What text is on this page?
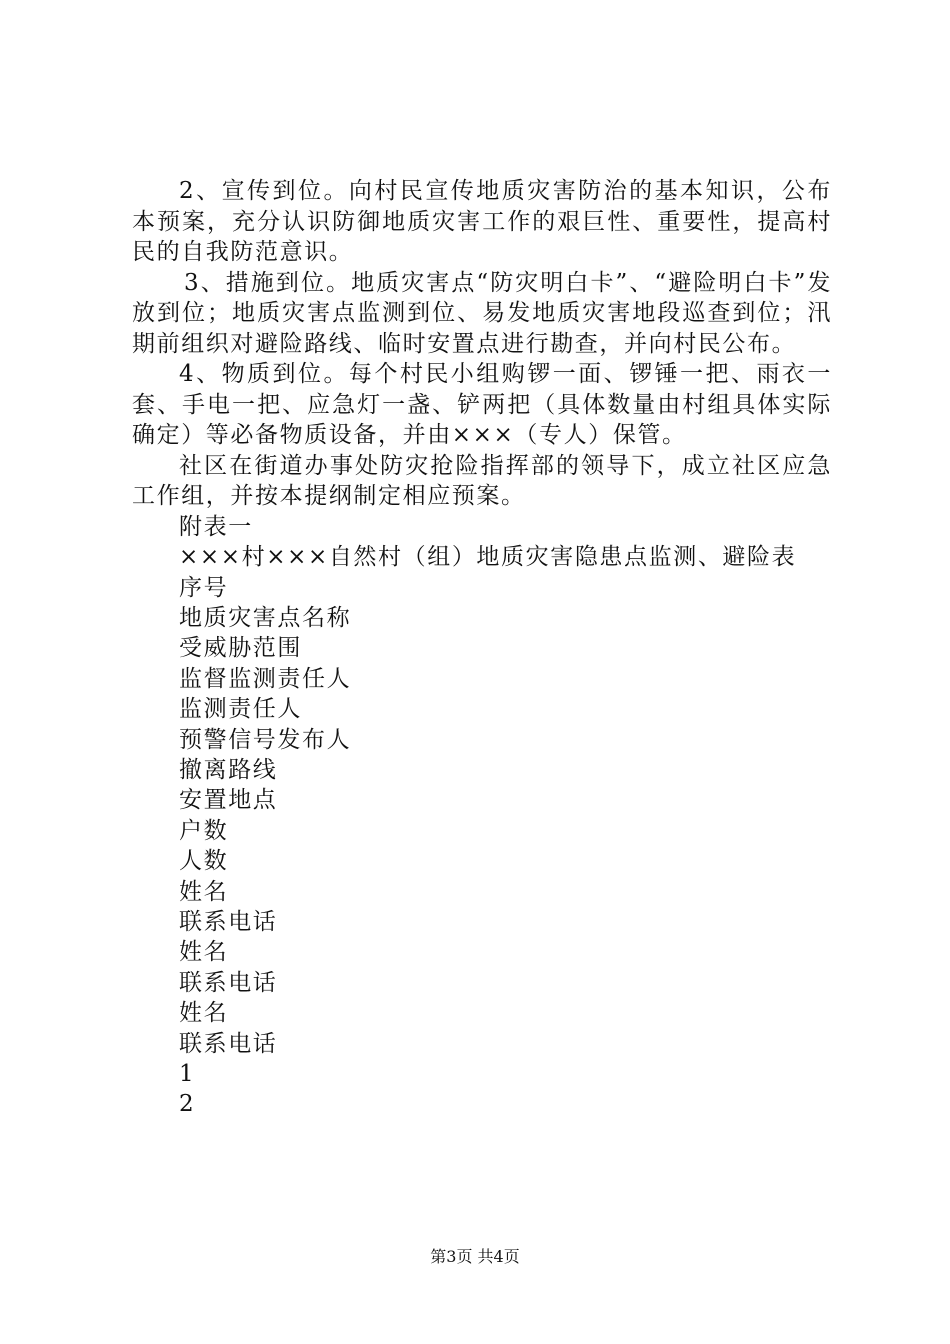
2、宣传到位。向村民宣传地质灾害防治的基本知识，公布本预案，充分认识防御地质灾害工作的艰巨性、重要性，提高村民的自我防范意识。

3、措施到位。地质灾害点“防灾明白卡”、“避险明白卡”发放到位；地质灾害点监测到位、易发地质灾害地段巡查到位；汛期前组织对避险路线、临时安置点进行勘查，并向村民公布。

4、物质到位。每个村民小组购锣一面、锣锤一把、雨衣一套、手电一把、应急灯一盏、铲两把（具体数量由村组具体实际确定）等必备物质设备，并由×××（专人）保管。

社区在街道办事处防灾抢险指挥部的领导下，成立社区应急工作组，并按本提纲制定相应预案。

附表一

×××村×××自然村（组）地质灾害隐患点监测、避险表

序号
地质灾害点名称
受威胁范围
监督监测责任人
监测责任人
预警信号发布人
撤离路线
安置地点
户数
人数
姓名
联系电话
姓名
联系电话
姓名
联系电话
1
2
第3页 共4页
